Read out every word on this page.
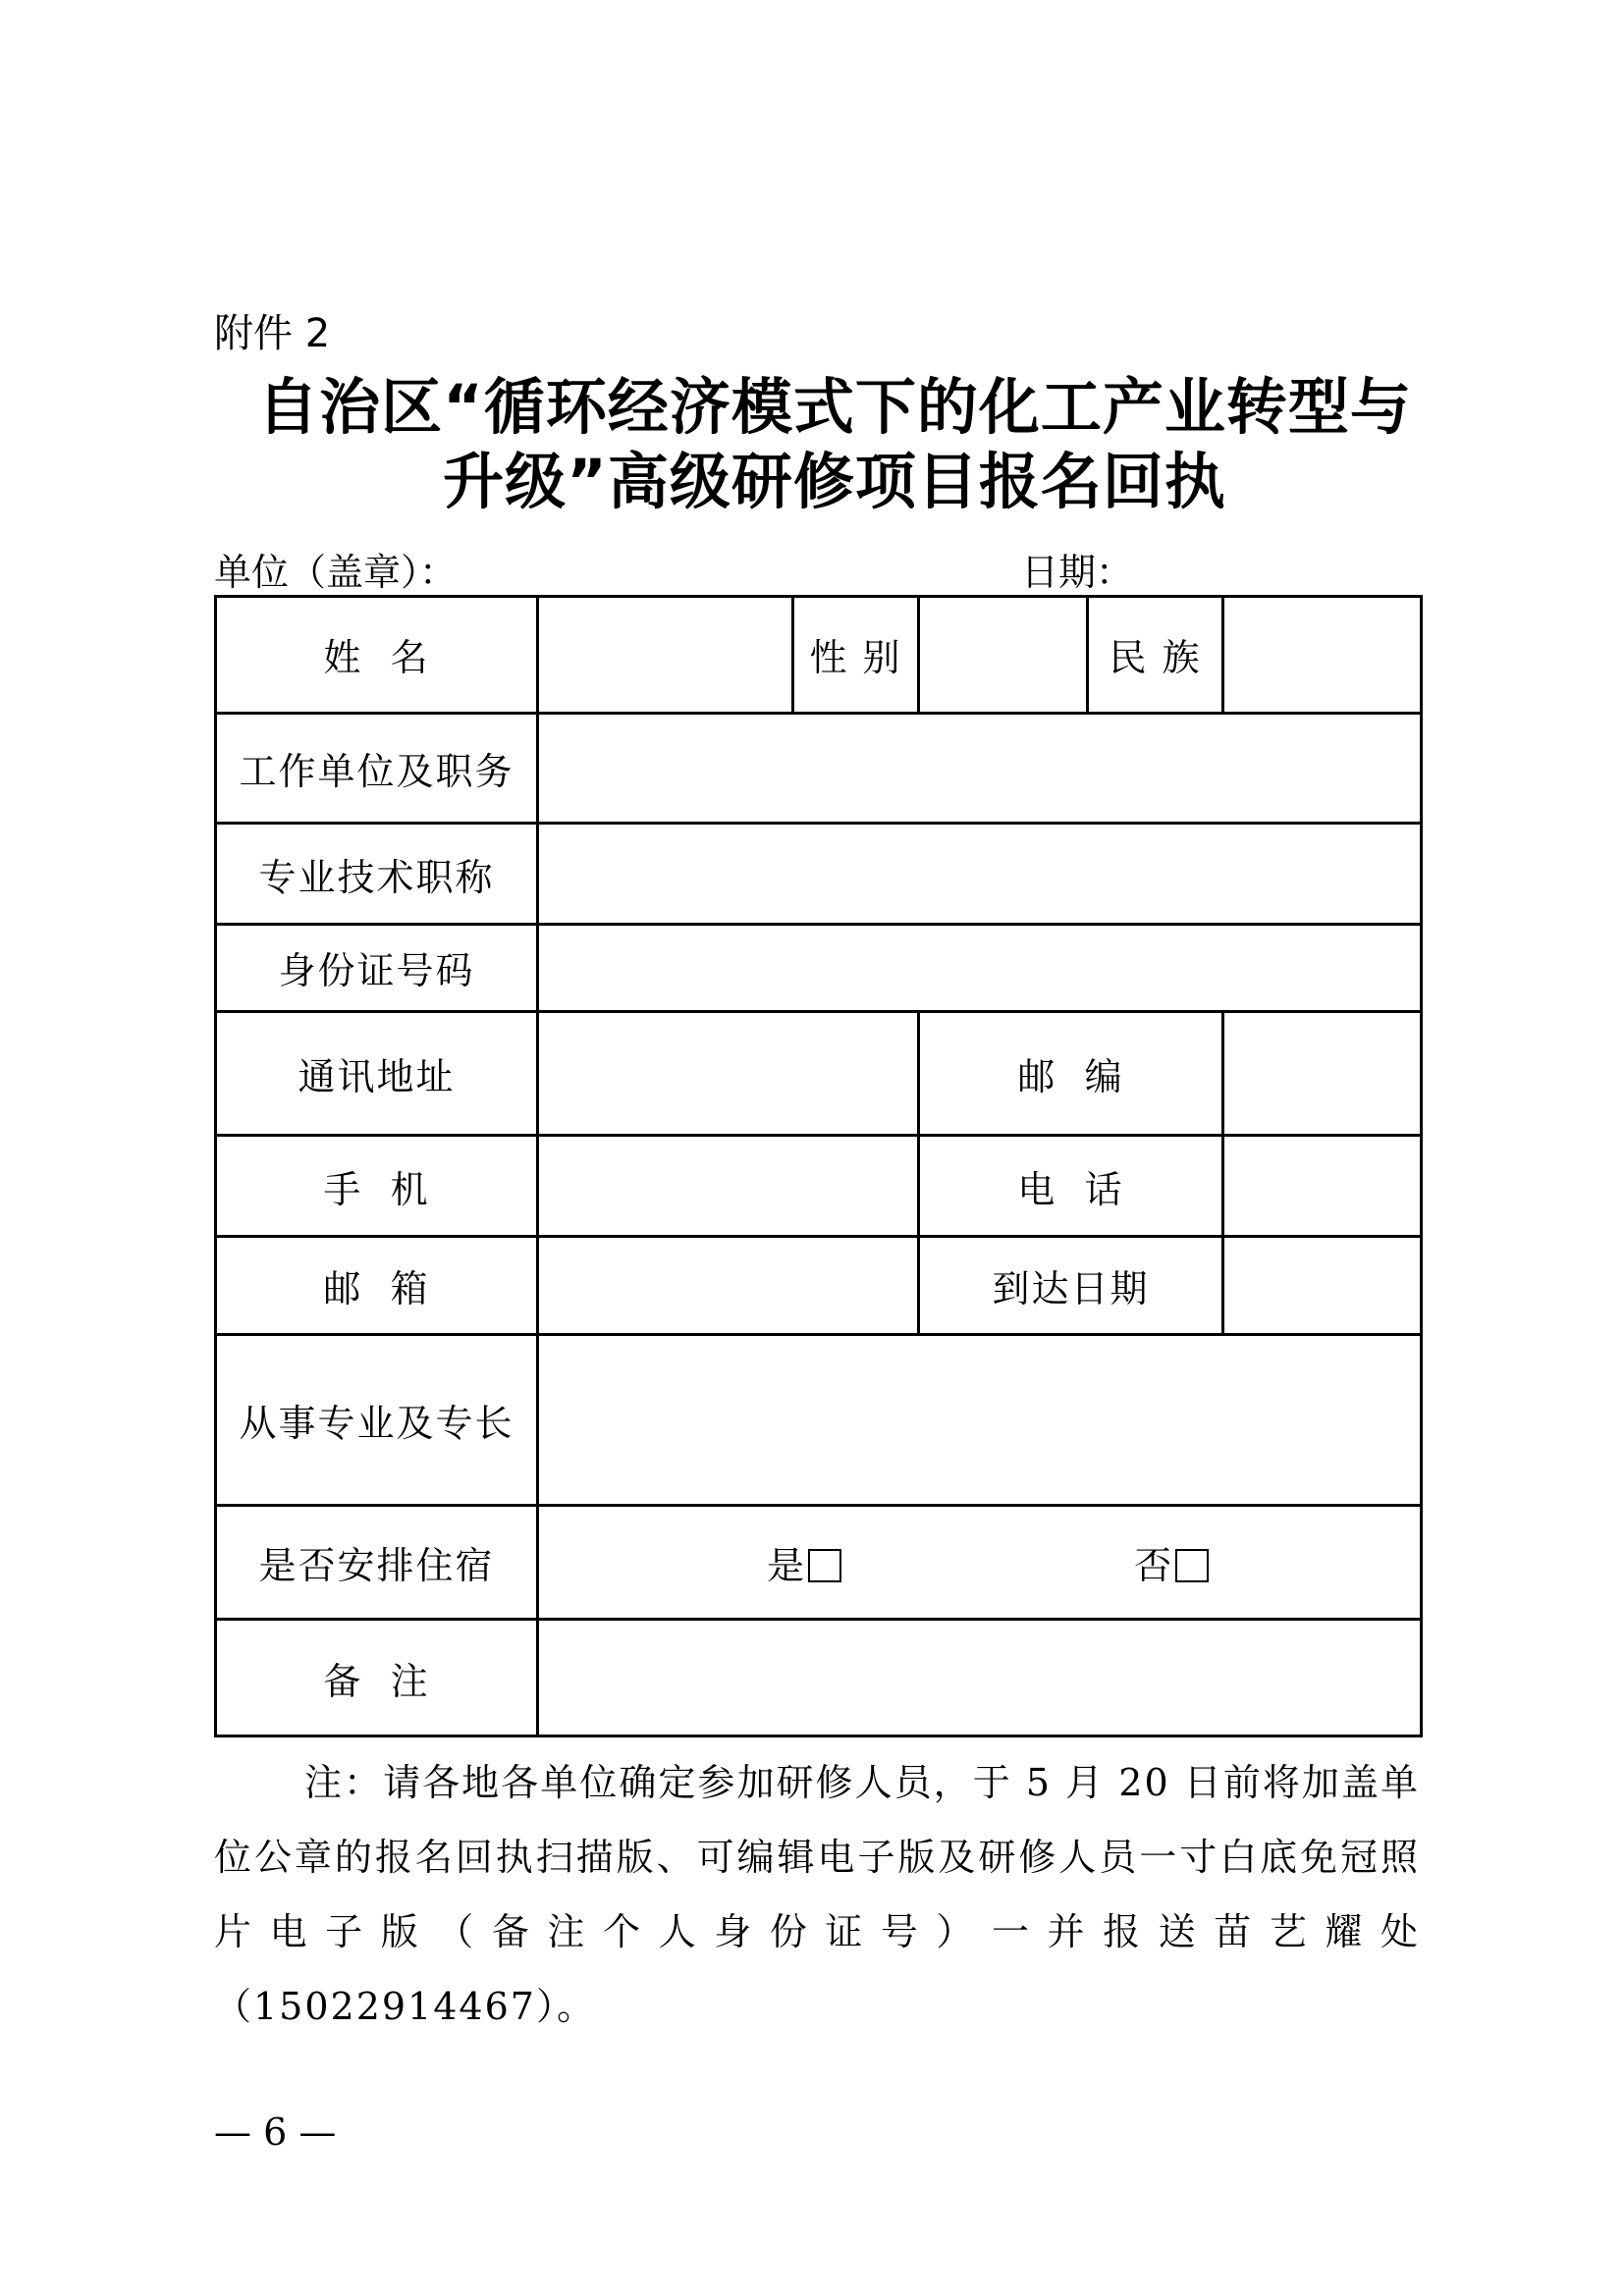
附件 2
自治区“循环经济模式下的化工产业转型与
升级”高级研修项目报名回执
单位（盖章）：	日期：
姓  名		性 别		民 族	
工作单位及职务					
专业技术职称					
身份证号码					
通讯地址			邮  编		
手  机			电  话		
邮  箱			到达日期		
从事专业及专长					
是否安排住宿	是 否				
备  注					
注：请各地各单位确定参加研修人员，于 5 月 20 日前将加盖单位公章的报名回执扫描版、可编辑电子版及研修人员一寸白底免冠照片电子版（备注个人身份证号）一并报送苗艺耀处（15022914467）。
— 6 —
